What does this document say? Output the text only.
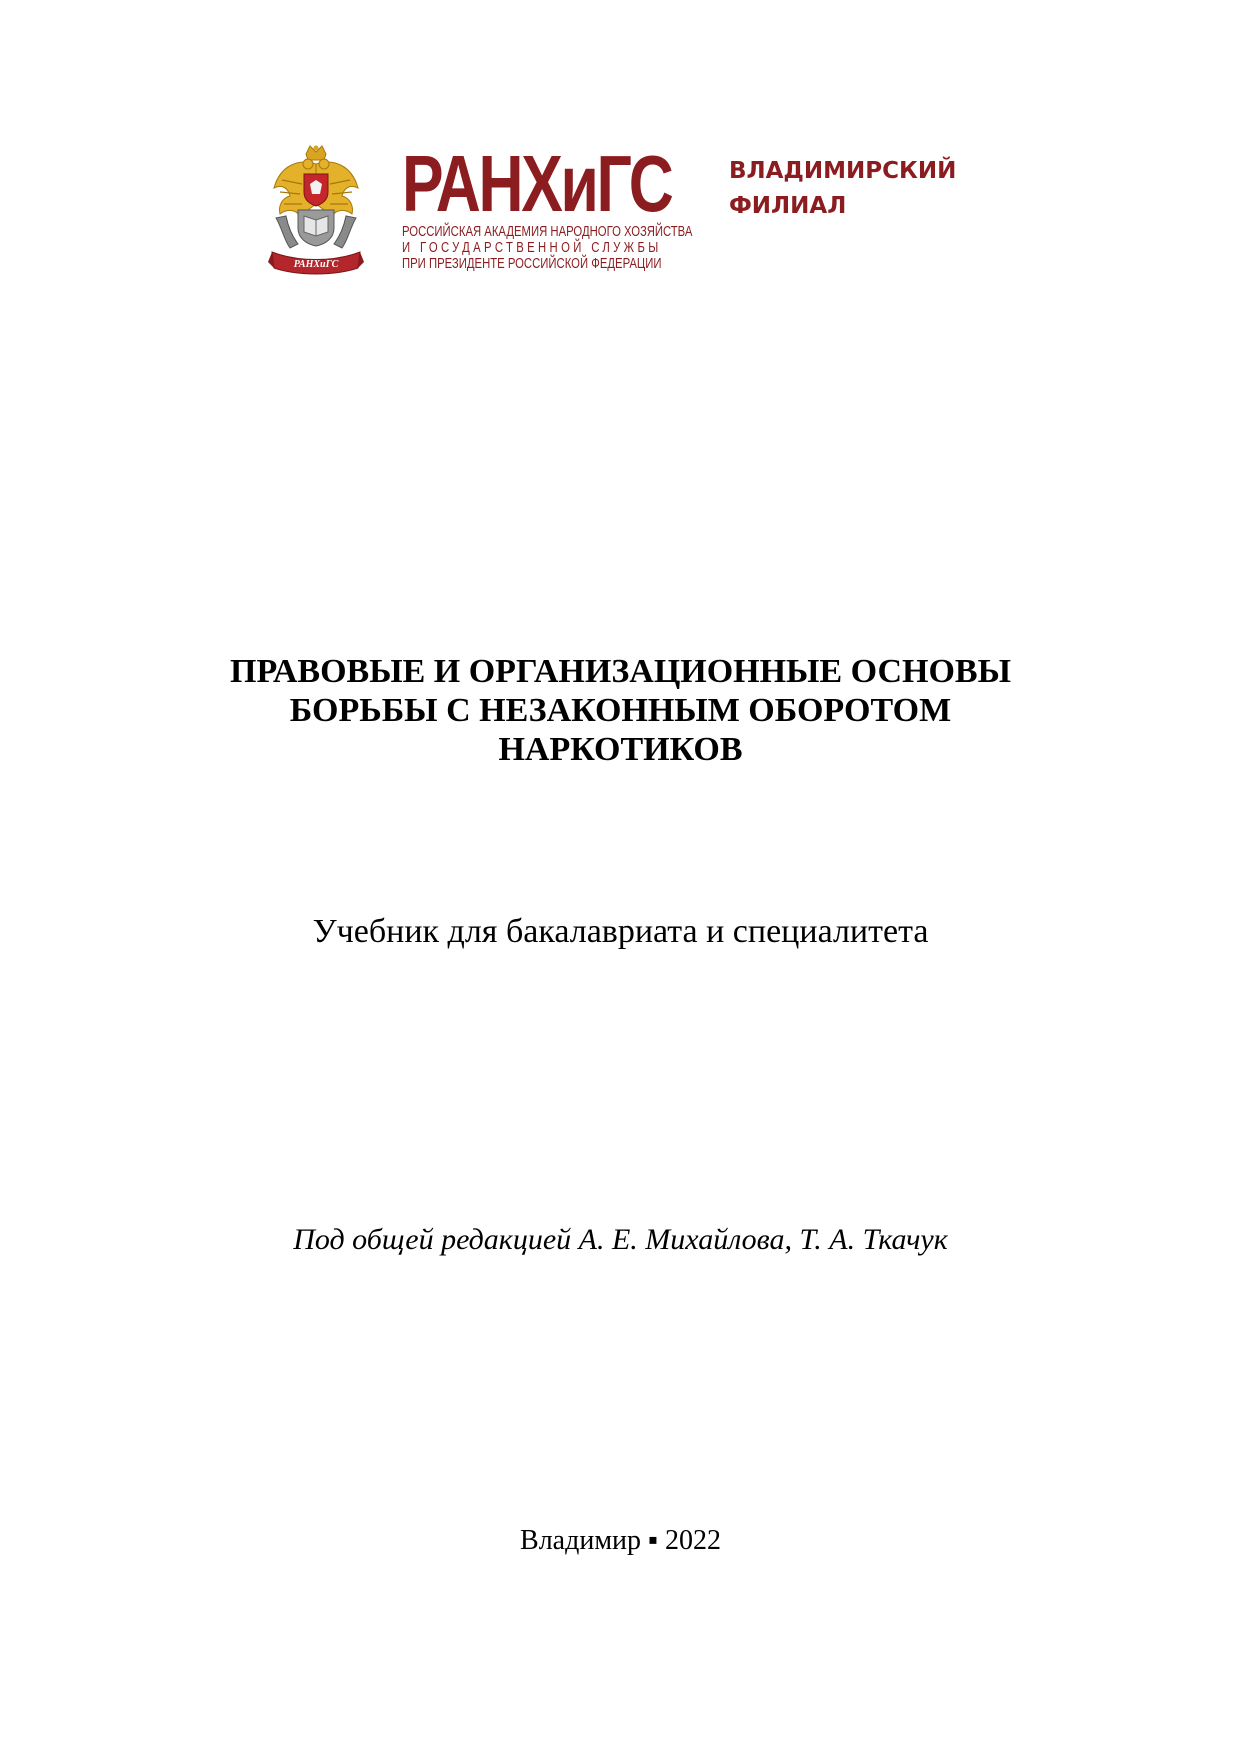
РАНХиГС
РАНХиГС
РОССИЙСКАЯ АКАДЕМИЯ НАРОДНОГО ХОЗЯЙСТВА
И ГОСУДАРСТВЕННОЙ СЛУЖБЫ
ПРИ ПРЕЗИДЕНТЕ РОССИЙСКОЙ ФЕДЕРАЦИИ
ВЛАДИМИРСКИЙ
ФИЛИАЛ
ПРАВОВЫЕ И ОРГАНИЗАЦИОННЫЕ ОСНОВЫ
БОРЬБЫ С НЕЗАКОННЫМ ОБОРОТОМ
НАРКОТИКОВ
Учебник для бакалавриата и специалитета
Под общей редакцией А. Е. Михайлова, Т. А. Ткачук
Владимир ▪ 2022
